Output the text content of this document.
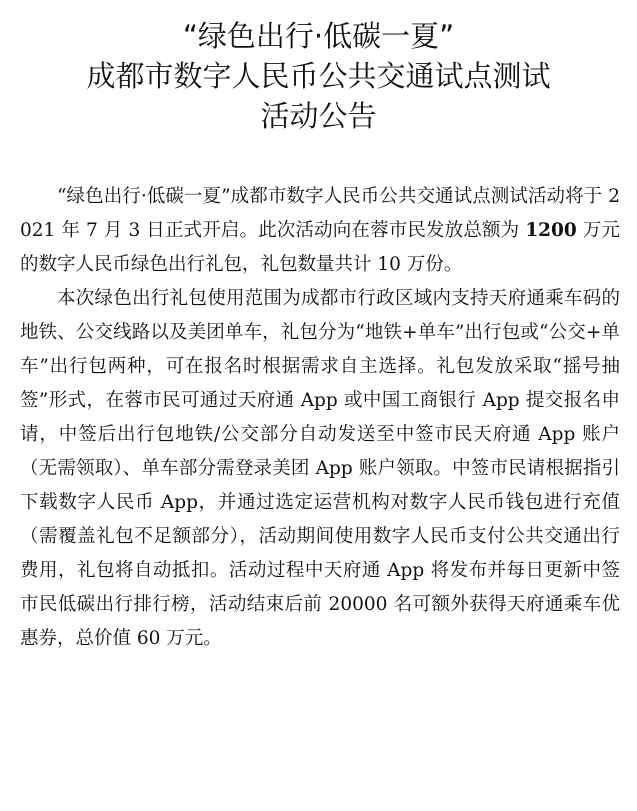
“绿色出行·低碳一夏”
成都市数字人民币公共交通试点测试
活动公告

“绿色出行·低碳一夏”成都市数字人民币公共交通试点测试活动将于 2021 年 7 月 3 日正式开启。此次活动向在蓉市民发放总额为 1200 万元的数字人民币绿色出行礼包，礼包数量共计 10 万份。

本次绿色出行礼包使用范围为成都市行政区域内支持天府通乘车码的地铁、公交线路以及美团单车，礼包分为“地铁+单车”出行包或“公交+单车”出行包两种，可在报名时根据需求自主选择。礼包发放采取“摇号抽签”形式，在蓉市民可通过天府通 App 或中国工商银行 App 提交报名申请，中签后出行包地铁/公交部分自动发送至中签市民天府通 App 账户（无需领取）、单车部分需登录美团 App 账户领取。中签市民请根据指引下载数字人民币 App，并通过选定运营机构对数字人民币钱包进行充值（需覆盖礼包不足额部分），活动期间使用数字人民币支付公共交通出行费用，礼包将自动抵扣。活动过程中天府通 App 将发布并每日更新中签市民低碳出行排行榜，活动结束后前 20000 名可额外获得天府通乘车优惠券，总价值 60 万元。
